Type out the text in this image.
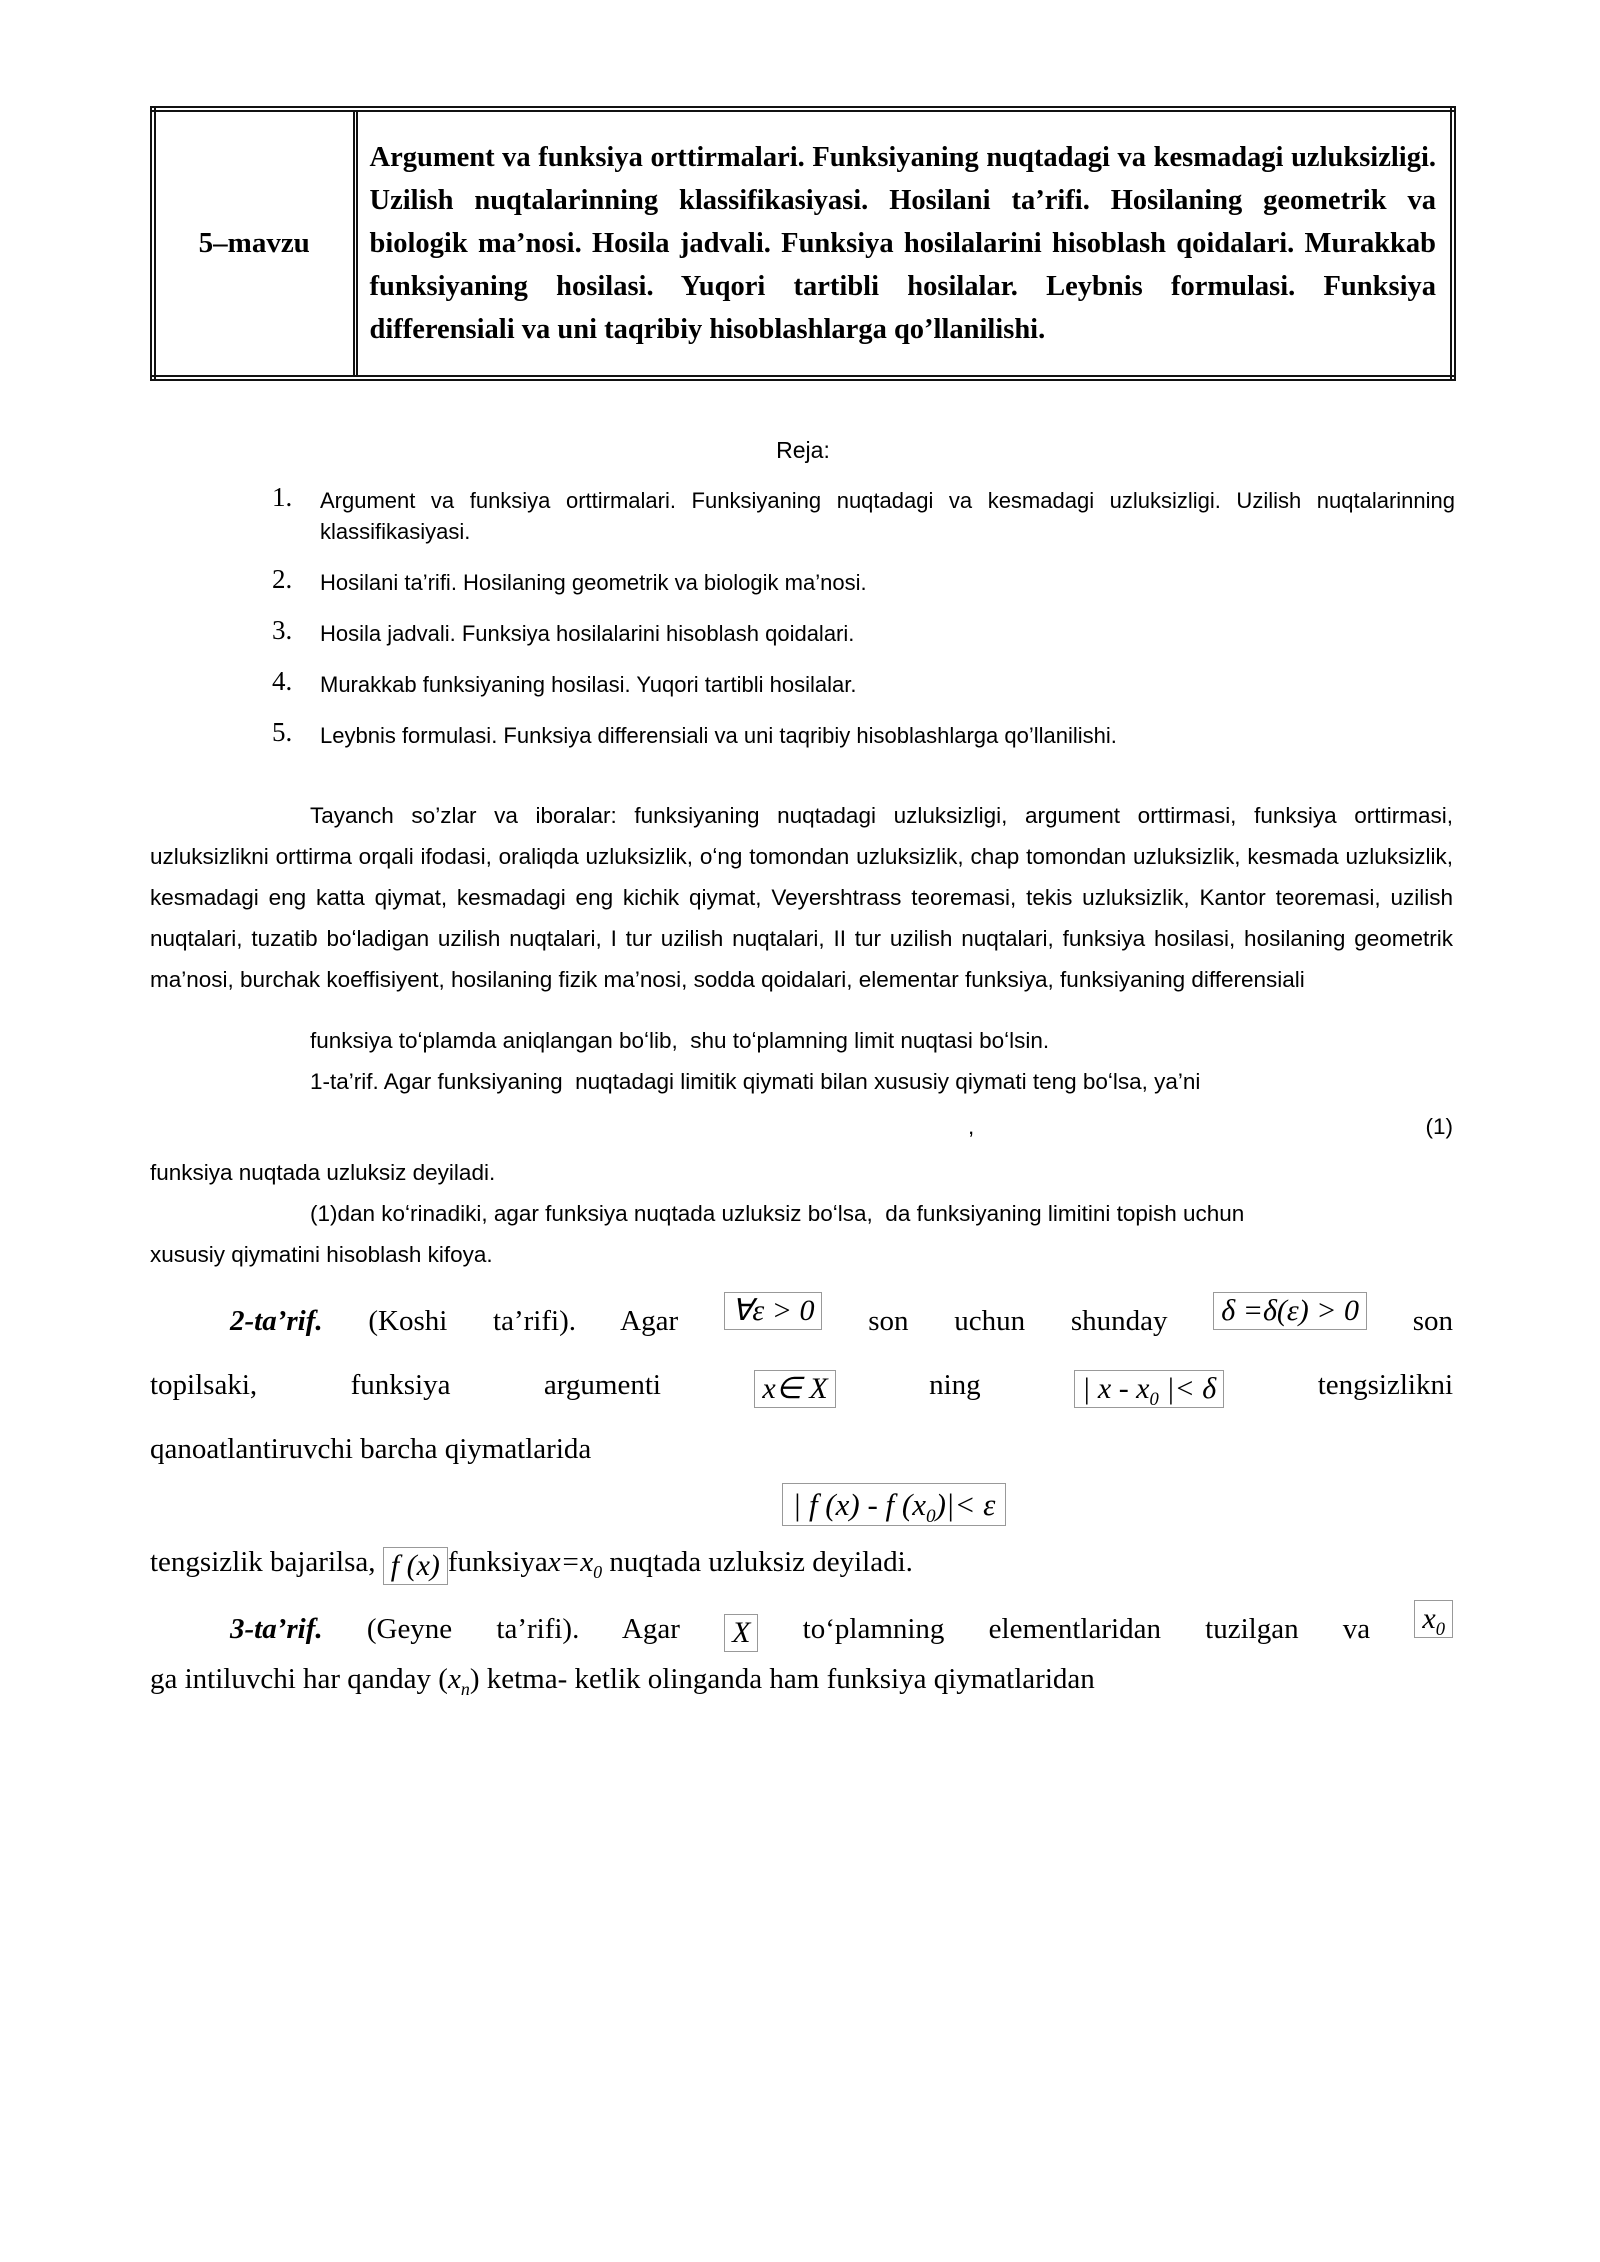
5–mavzu	Argument va funksiya orttirmalari. Funksiyaning nuqtadagi va kesmadagi uzluksizligi. Uzilish nuqtalarinning klassifikasiyasi. Hosilani ta’rifi. Hosilaning geometrik va biologik ma’nosi. Hosila jadvali. Funksiya hosilalarini hisoblash qoidalari. Murakkab funksiyaning hosilasi. Yuqori tartibli hosilalar. Leybnis formulasi. Funksiya differensiali va uni taqribiy hisoblashlarga qo’llanilishi.
Reja:
1.	Argument va funksiya orttirmalari. Funksiyaning nuqtadagi va kesmadagi uzluksizligi. Uzilish nuqtalarinning klassifikasiyasi.
2.	Hosilani ta’rifi. Hosilaning geometrik va biologik ma’nosi.
3.	Hosila jadvali. Funksiya hosilalarini hisoblash qoidalari.
4.	Murakkab funksiyaning hosilasi. Yuqori tartibli hosilalar.
5.	Leybnis formulasi. Funksiya differensiali va uni taqribiy hisoblashlarga qo’llanilishi.

Tayanch so’zlar va iboralar: funksiyaning nuqtadagi uzluksizligi, argument orttirmasi, funksiya orttirmasi, uzluksizlikni orttirma orqali ifodasi, oraliqda uzluksizlik, oʻng tomondan uzluksizlik, chap tomondan uzluksizlik, kesmada uzluksizlik, kesmadagi eng katta qiymat, kesmadagi eng kichik qiymat, Veyershtrass teoremasi, tekis uzluksizlik, Kantor teoremasi, uzilish nuqtalari, tuzatib boʻladigan uzilish nuqtalari, I tur uzilish nuqtalari, II tur uzilish nuqtalari, funksiya hosilasi, hosilaning geometrik ma’nosi, burchak koeffisiyent, hosilaning fizik ma’nosi, sodda qoidalari, elementar funksiya, funksiyaning differensiali

funksiya toʻplamda aniqlangan boʻlib,  shu toʻplamning limit nuqtasi boʻlsin.

1-ta’rif. Agar funksiyaning  nuqtadagi limitik qiymati bilan xususiy qiymati teng boʻlsa, ya’ni

,	(1)

funksiya nuqtada uzluksiz deyiladi.

(1)dan koʻrinadiki, agar funksiya nuqtada uzluksiz boʻlsa,  da funksiyaning limitini topish uchun

xususiy qiymatini hisoblash kifoya.

2-ta’rif. (Koshi ta’rifi). Agar ∀ε > 0 son uchun shunday δ =δ(ε) > 0 son
topilsaki, funksiya argumenti x∈ X	ning | x - $x_0$ |< δ	tengsizlikni
qanoatlantiruvchi barcha qiymatlarida
| f (x) - f $(x_0)|< \varepsilon$
tengsizlik bajarilsa, f (x) $funksiyax=x_0$ nuqtada uzluksiz deyiladi.
3-ta’rif. (Geyne ta’rifi). Agar X toʻplamning elementlaridan tuzilgan va $x_0$
ga intiluvchi har qanday $(x_n)$ ketma- ketlik olinganda ham funksiya qiymatlaridan
